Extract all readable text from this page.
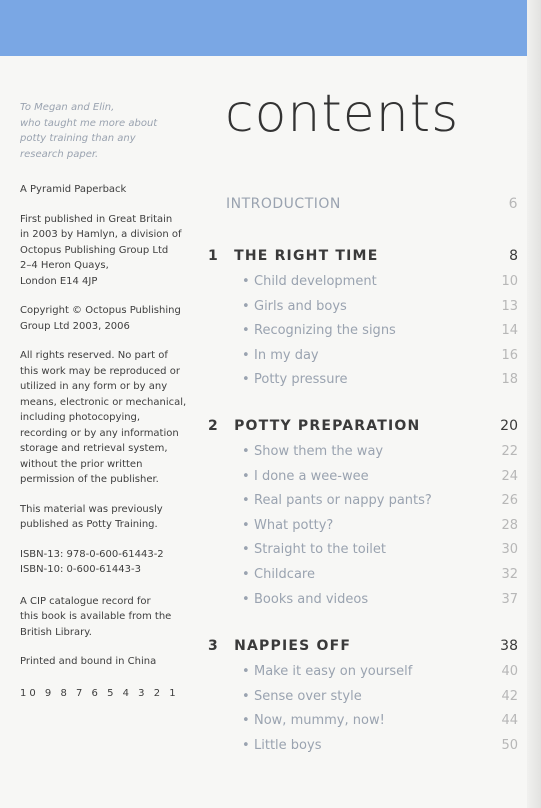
To Megan and Elin,
who taught me more about
potty training than any
research paper.

A Pyramid Paperback

First published in Great Britain
in 2003 by Hamlyn, a division of
Octopus Publishing Group Ltd
2–4 Heron Quays,
London E14 4JP

Copyright © Octopus Publishing
Group Ltd 2003, 2006

All rights reserved. No part of
this work may be reproduced or
utilized in any form or by any
means, electronic or mechanical,
including photocopying,
recording or by any information
storage and retrieval system,
without the prior written
permission of the publisher.

This material was previously
published as Potty Training.

ISBN-13: 978-0-600-61443-2
ISBN-10: 0-600-61443-3

A CIP catalogue record for
this book is available from the
British Library.

Printed and bound in China

10 9 8 7 6 5 4 3 2 1
contents
INTRODUCTION	6
1 THE RIGHT TIME	8
• Child development	10
• Girls and boys	13
• Recognizing the signs	14
• In my day	16
• Potty pressure	18
2 POTTY PREPARATION	20
• Show them the way	22
• I done a wee-wee	24
• Real pants or nappy pants?	26
• What potty?	28
• Straight to the toilet	30
• Childcare	32
• Books and videos	37
3 NAPPIES OFF	38
• Make it easy on yourself	40
• Sense over style	42
• Now, mummy, now!	44
• Little boys	50
